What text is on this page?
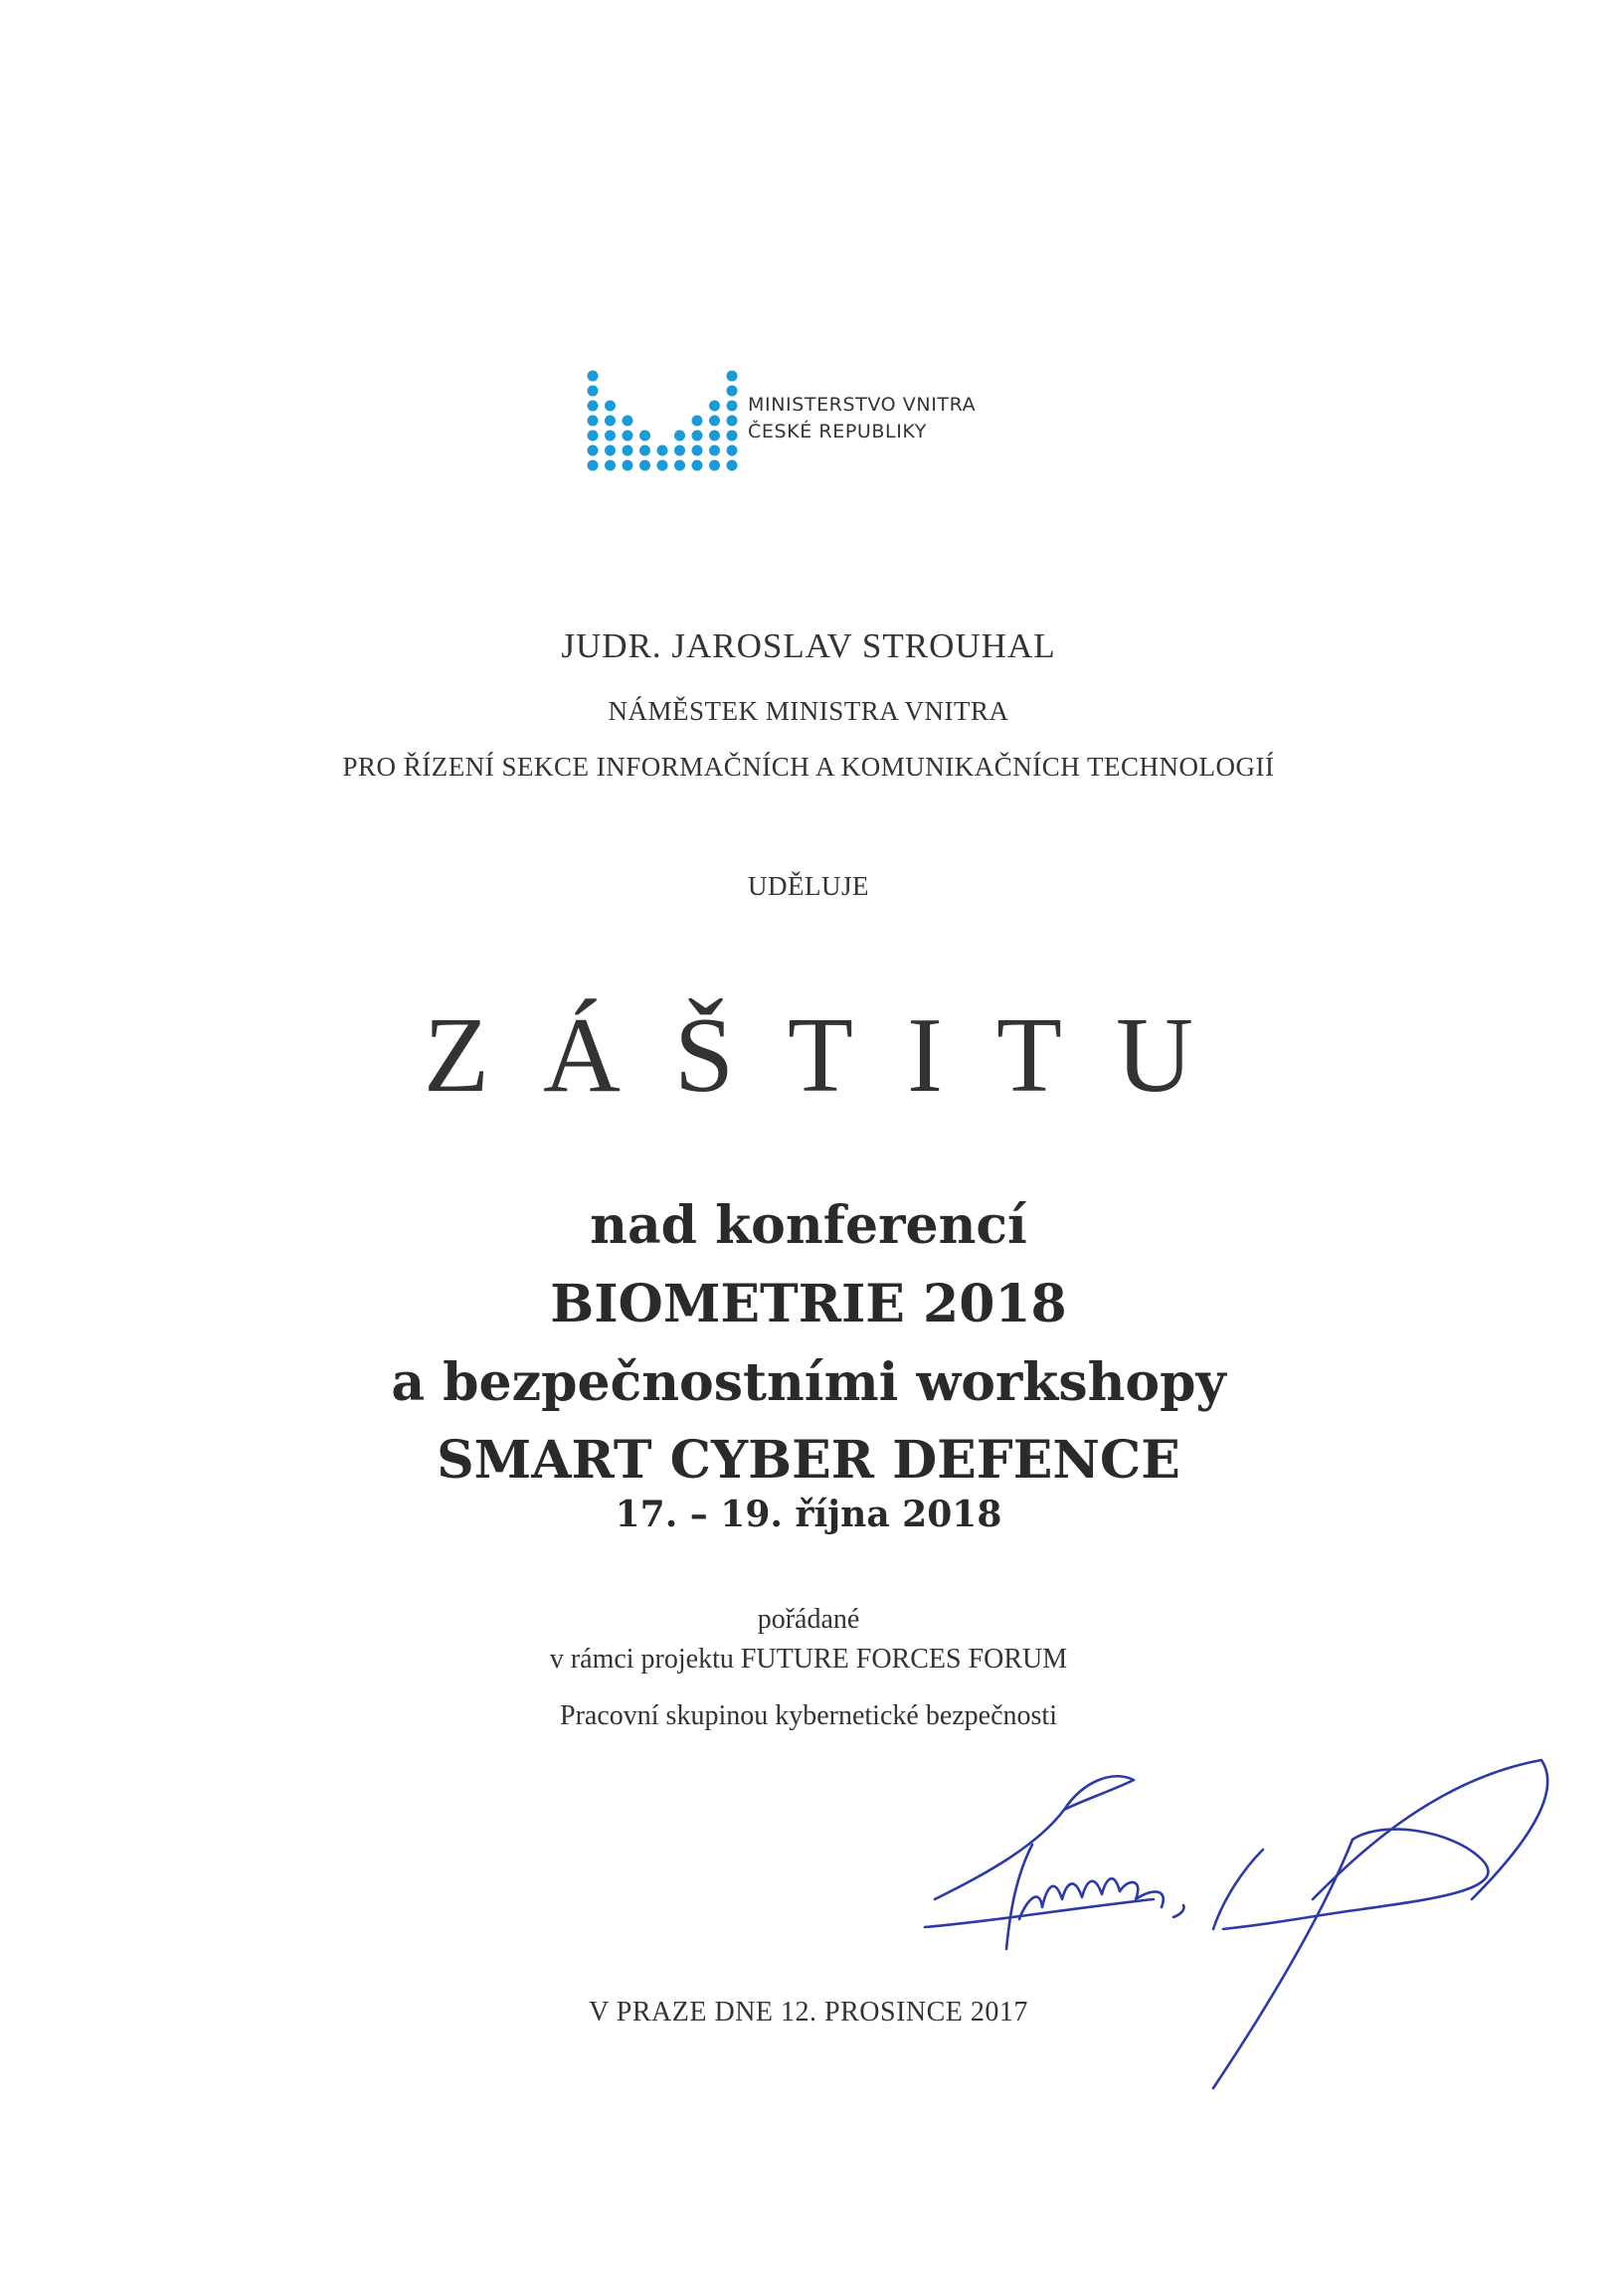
MINISTERSTVO VNITRA
ČESKÉ REPUBLIKY
JUDR. JAROSLAV STROUHAL
NÁMĚSTEK MINISTRA VNITRA
PRO ŘÍZENÍ SEKCE INFORMAČNÍCH A KOMUNIKAČNÍCH TECHNOLOGIÍ
UDĚLUJE
ZÁŠTITU
nad konferencí
BIOMETRIE 2018
a bezpečnostními workshopy
SMART CYBER DEFENCE
17. – 19. října 2018
pořádané
v rámci projektu FUTURE FORCES FORUM
Pracovní skupinou kybernetické bezpečnosti
V PRAZE DNE 12. PROSINCE 2017
